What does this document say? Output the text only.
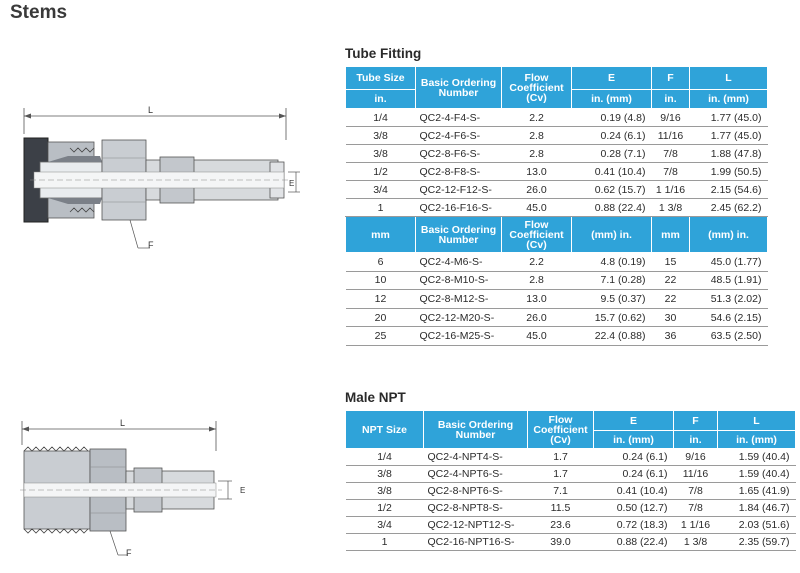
Stems
L
E
F
L
E
F
Tube Fitting
Tube Size	Basic Ordering Number	Flow Coefficient (Cv)	E	F	L
in.			in. (mm)	in.	in. (mm)
1/4	QC2-4-F4-S-	2.2	0.19 (4.8)	9/16	1.77 (45.0)
3/8	QC2-4-F6-S-	2.8	0.24 (6.1)	11/16	1.77 (45.0)
3/8	QC2-8-F6-S-	2.8	0.28 (7.1)	7/8	1.88 (47.8)
1/2	QC2-8-F8-S-	13.0	0.41 (10.4)	7/8	1.99 (50.5)
3/4	QC2-12-F12-S-	26.0	0.62 (15.7)	1 1/16	2.15 (54.6)
1	QC2-16-F16-S-	45.0	0.88 (22.4)	1 3/8	2.45 (62.2)
mm	Basic Ordering Number	Flow Coefficient (Cv)	(mm) in.	mm	(mm) in.
6	QC2-4-M6-S-	2.2	4.8 (0.19)	15	45.0 (1.77)
10	QC2-8-M10-S-	2.8	7.1 (0.28)	22	48.5 (1.91)
12	QC2-8-M12-S-	13.0	9.5 (0.37)	22	51.3 (2.02)
20	QC2-12-M20-S-	26.0	15.7 (0.62)	30	54.6 (2.15)
25	QC2-16-M25-S-	45.0	22.4 (0.88)	36	63.5 (2.50)
Male NPT
NPT Size	Basic Ordering Number	Flow Coefficient (Cv)	E	F	L
			in. (mm)	in.	in. (mm)
1/4	QC2-4-NPT4-S-	1.7	0.24 (6.1)	9/16	1.59 (40.4)
3/8	QC2-4-NPT6-S-	1.7	0.24 (6.1)	11/16	1.59 (40.4)
3/8	QC2-8-NPT6-S-	7.1	0.41 (10.4)	7/8	1.65 (41.9)
1/2	QC2-8-NPT8-S-	11.5	0.50 (12.7)	7/8	1.84 (46.7)
3/4	QC2-12-NPT12-S-	23.6	0.72 (18.3)	1 1/16	2.03 (51.6)
1	QC2-16-NPT16-S-	39.0	0.88 (22.4)	1 3/8	2.35 (59.7)
